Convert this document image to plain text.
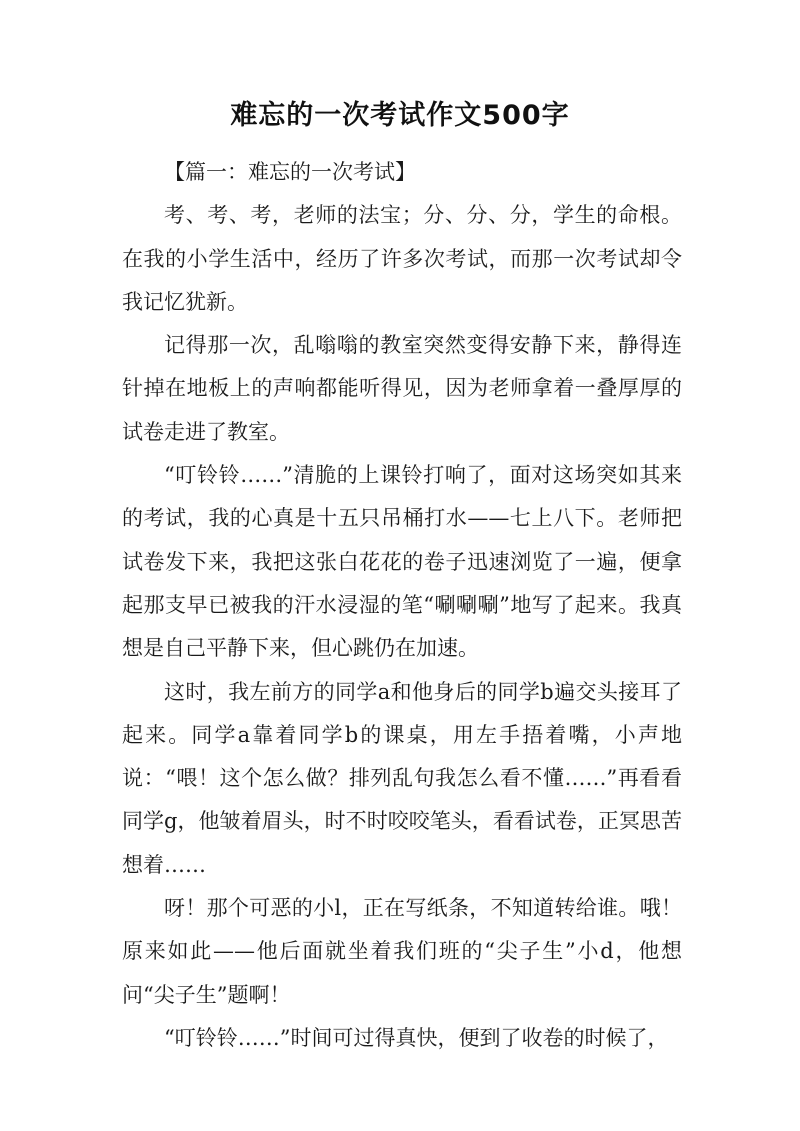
难忘的一次考试作文500字

【篇一：难忘的一次考试】

考、考、考，老师的法宝；分、分、分，学生的命根。在我的小学生活中，经历了许多次考试，而那一次考试却令我记忆犹新。

记得那一次，乱嗡嗡的教室突然变得安静下来，静得连针掉在地板上的声响都能听得见，因为老师拿着一叠厚厚的试卷走进了教室。

“叮铃铃……”清脆的上课铃打响了，面对这场突如其来的考试，我的心真是十五只吊桶打水——七上八下。老师把试卷发下来，我把这张白花花的卷子迅速浏览了一遍，便拿起那支早已被我的汗水浸湿的笔“唰唰唰”地写了起来。我真想是自己平静下来，但心跳仍在加速。

这时，我左前方的同学a和他身后的同学b遍交头接耳了起来。同学a靠着同学b的课桌，用左手捂着嘴，小声地说：“喂！这个怎么做？排列乱句我怎么看不懂……”再看看同学g，他皱着眉头，时不时咬咬笔头，看看试卷，正冥思苦想着……

呀！那个可恶的小l，正在写纸条，不知道转给谁。哦！原来如此——他后面就坐着我们班的“尖子生”小d，他想问“尖子生”题啊！

“叮铃铃……”时间可过得真快，便到了收卷的时候了，
